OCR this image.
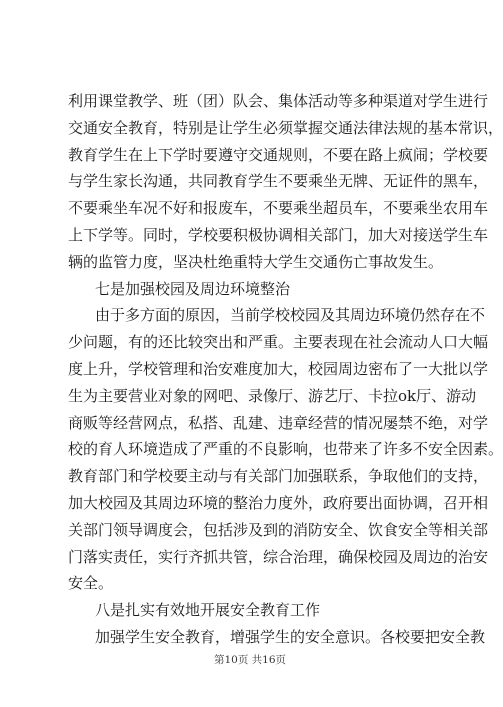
利用课堂教学、班（团）队会、集体活动等多种渠道对学生进行
交通安全教育，特别是让学生必须掌握交通法律法规的基本常识，
教育学生在上下学时要遵守交通规则，不要在路上疯闹；学校要
与学生家长沟通，共同教育学生不要乘坐无牌、无证件的黑车，
不要乘坐车况不好和报废车，不要乘坐超员车，不要乘坐农用车
上下学等。同时，学校要积极协调相关部门，加大对接送学生车
辆的监管力度，坚决杜绝重特大学生交通伤亡事故发生。
七是加强校园及周边环境整治
由于多方面的原因，当前学校校园及其周边环境仍然存在不
少问题，有的还比较突出和严重。主要表现在社会流动人口大幅
度上升，学校管理和治安难度加大，校园周边密布了一大批以学
生为主要营业对象的网吧、录像厅、游艺厅、卡拉ok厅、游动
商贩等经营网点，私搭、乱建、违章经营的情况屡禁不绝，对学
校的育人环境造成了严重的不良影响，也带来了许多不安全因素。
教育部门和学校要主动与有关部门加强联系，争取他们的支持，
加大校园及其周边环境的整治力度外，政府要出面协调，召开相
关部门领导调度会，包括涉及到的消防安全、饮食安全等相关部
门落实责任，实行齐抓共管，综合治理，确保校园及周边的治安
安全。
八是扎实有效地开展安全教育工作
加强学生安全教育，增强学生的安全意识。各校要把安全教
第10页 共16页
